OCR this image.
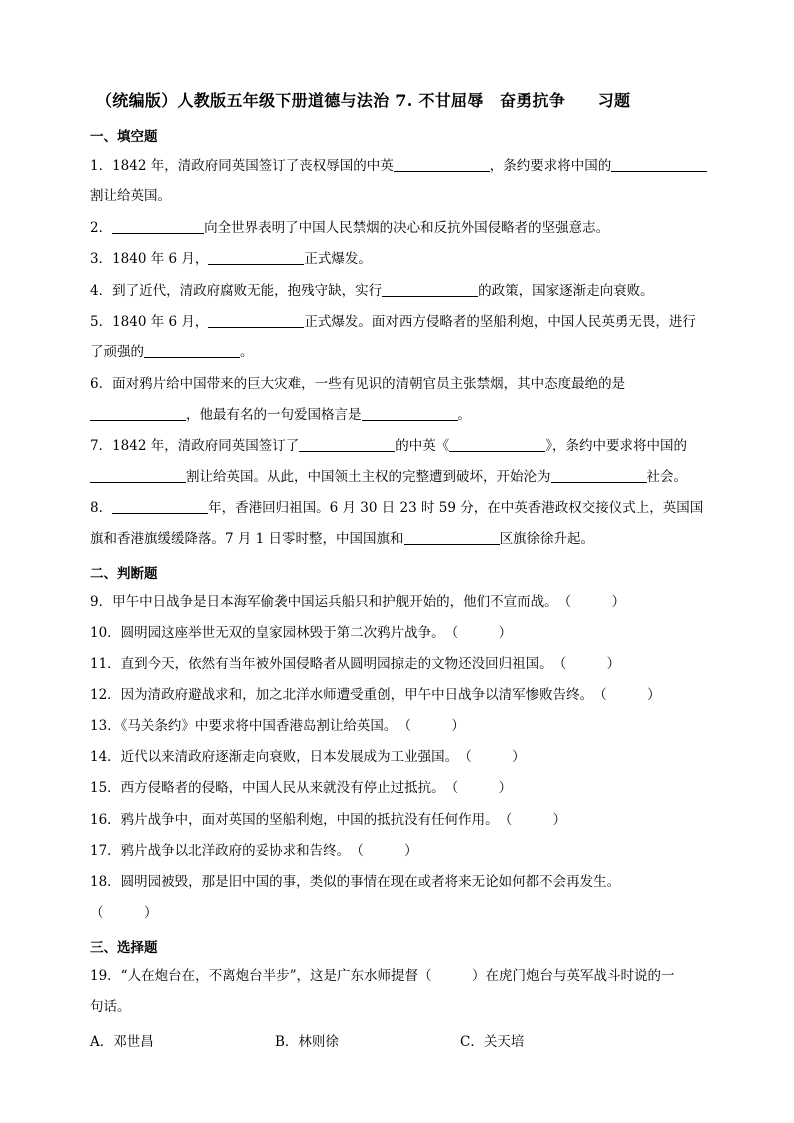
（统编版）人教版五年级下册道德与法治 7. 不甘屈辱　奋勇抗争　　习题
一、填空题
1．1842 年，清政府同英国签订了丧权辱国的中英	，条约要求将中国的
割让给英国。
2．	向全世界表明了中国人民禁烟的决心和反抗外国侵略者的坚强意志。
3．1840 年 6 月，	正式爆发。
4．到了近代，清政府腐败无能，抱残守缺，实行	的政策，国家逐渐走向衰败。
5．1840 年 6 月，	正式爆发。面对西方侵略者的坚船利炮，中国人民英勇无畏，进行
了顽强的	。
6．面对鸦片给中国带来的巨大灾难，一些有见识的清朝官员主张禁烟，其中态度最绝的是
，他最有名的一句爱国格言是	。
7．1842 年，清政府同英国签订了	的中英《	》，条约中要求将中国的
割让给英国。从此，中国领土主权的完整遭到破坏，开始沦为	社会。
8．	年，香港回归祖国。6 月 30 日 23 时 59 分，在中英香港政权交接仪式上，英国国
旗和香港旗缓缓降落。7 月 1 日零时整，中国国旗和	区旗徐徐升起。
二、判断题
9．甲午中日战争是日本海军偷袭中国运兵船只和护舰开始的，他们不宣而战。（　　　）
10．圆明园这座举世无双的皇家园林毁于第二次鸦片战争。（　　　）
11．直到今天，依然有当年被外国侵略者从圆明园掠走的文物还没回归祖国。（　　　）
12．因为清政府避战求和，加之北洋水师遭受重创，甲午中日战争以清军惨败告终。（　　　）
13．《马关条约》中要求将中国香港岛割让给英国。（　　　）
14．近代以来清政府逐渐走向衰败，日本发展成为工业强国。（　　　）
15．西方侵略者的侵略，中国人民从来就没有停止过抵抗。（　　　）
16．鸦片战争中，面对英国的坚船利炮，中国的抵抗没有任何作用。（　　　）
17．鸦片战争以北洋政府的妥协求和告终。（　　　）
18．圆明园被毁，那是旧中国的事，类似的事情在现在或者将来无论如何都不会再发生。
（　　　）
三、选择题
19．“人在炮台在，不离炮台半步”，这是广东水师提督（　　　）在虎门炮台与英军战斗时说的一
句话。
A．邓世昌	B．林则徐	C．关天培
